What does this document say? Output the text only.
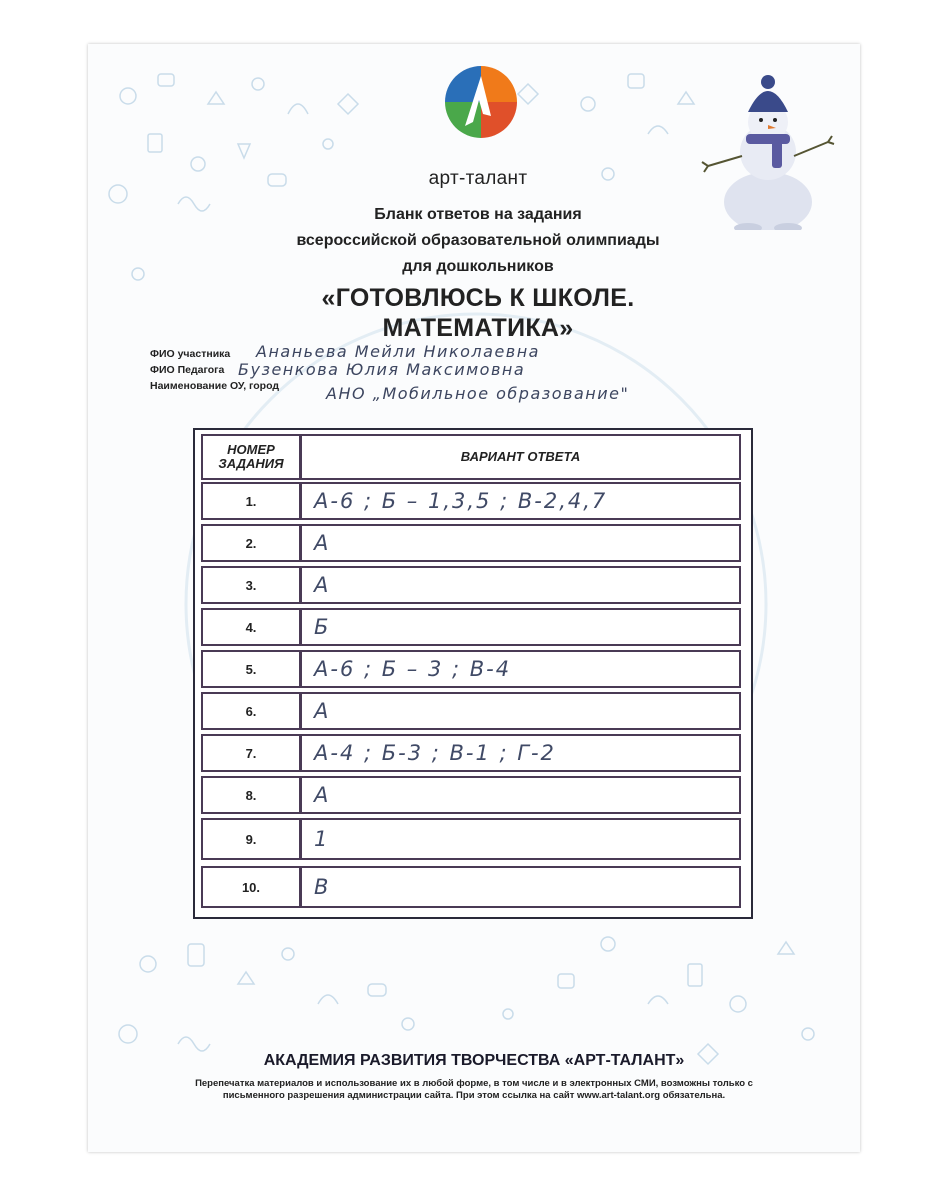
арт-талант
Бланк ответов на задания
всероссийской образовательной олимпиады
для дошкольников
«ГОТОВЛЮСЬ К ШКОЛЕ.
МАТЕМАТИКА»
ФИО участника Ананьева Мейли Николаевна
ФИО Педагога Бузенкова Юлия Максимовна
Наименование ОУ, город	АНО „Мобильное образование"
НОМЕР ЗАДАНИЯ	ВАРИАНТ ОТВЕТА
1.	А-6 ; Б – 1,3,5 ; В-2,4,7
2.	А
3.	А
4.	Б
5.	А-6 ; Б – 3 ; В-4
6.	А
7.	А-4 ; Б-3 ; В-1 ; Г-2
8.	А
9.	1
10.	В
АКАДЕМИЯ РАЗВИТИЯ ТВОРЧЕСТВА «АРТ-ТАЛАНТ»
Перепечатка материалов и использование их в любой форме, в том числе и в электронных СМИ, возможны только с
письменного разрешения администрации сайта. При этом ссылка на сайт www.art-talant.org обязательна.
